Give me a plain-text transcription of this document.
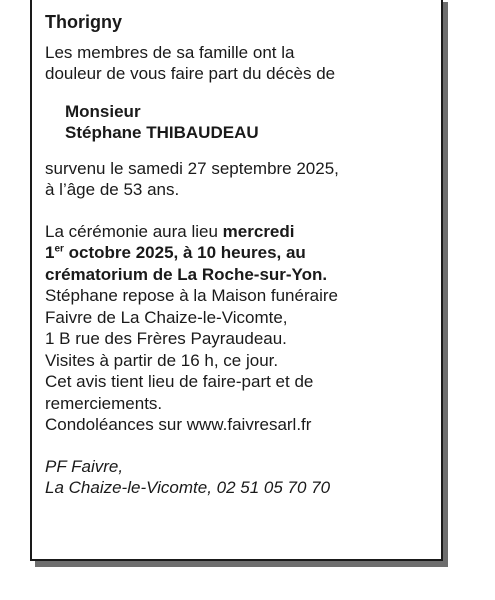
Thorigny

Les membres de sa famille ont la

douleur de vous faire part du décès de

Monsieur

Stéphane THIBAUDEAU

survenu le samedi 27 septembre 2025,

à l’âge de 53 ans.

La cérémonie aura lieu mercredi

1er octobre 2025, à 10 heures, au

crématorium de La Roche-sur-Yon.

Stéphane repose à la Maison funéraire

Faivre de La Chaize-le-Vicomte,

1 B rue des Frères Payraudeau.

Visites à partir de 16 h, ce jour.

Cet avis tient lieu de faire-part et de

remerciements.

Condoléances sur www.faivresarl.fr

PF Faivre,

La Chaize-le-Vicomte, 02 51 05 70 70
